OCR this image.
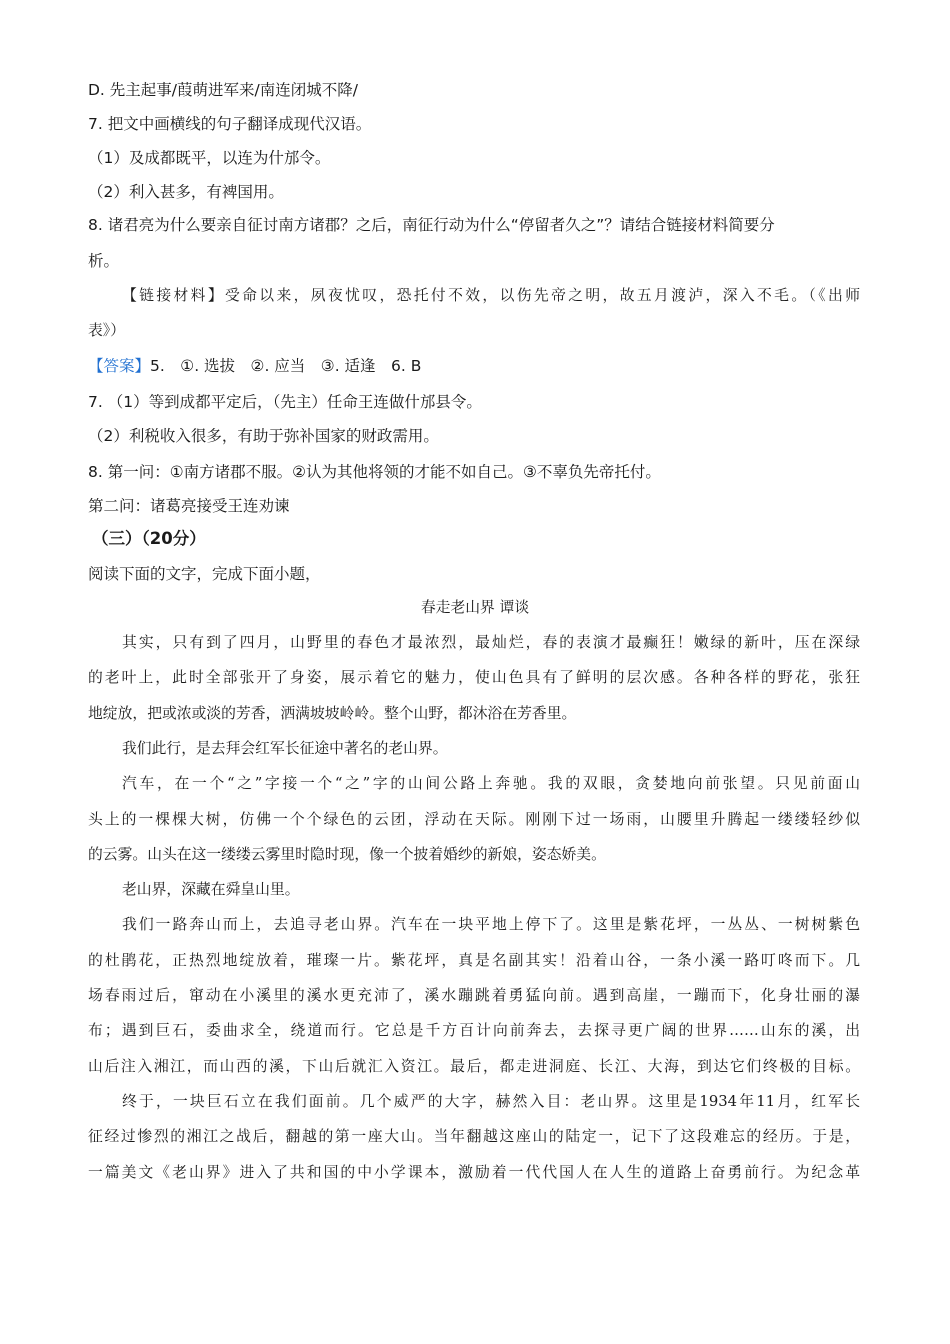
D. 先主起事/葭萌进军来/南连闭城不降/
7. 把文中画横线的句子翻译成现代汉语。
（1）及成都既平，以连为什邡令。
（2）利入甚多，有裨国用。
8. 诸君亮为什么要亲自征讨南方诸郡？之后，南征行动为什么“停留者久之”？请结合链接材料简要分
析。
【链接材料】受命以来，夙夜忧叹，恐托付不效，以伤先帝之明，故五月渡泸，深入不毛。（《出师
表》）
【答案】5.　①. 选拔　②. 应当　③. 适逢　6. B
7. （1）等到成都平定后，（先主）任命王连做什邡县令。
（2）利税收入很多，有助于弥补国家的财政需用。
8. 第一问：①南方诸郡不服。②认为其他将领的才能不如自己。③不辜负先帝托付。
第二问：诸葛亮接受王连劝谏
（三）（20分）
阅读下面的文字，完成下面小题，
春走老山界 谭谈
其实，只有到了四月，山野里的春色才最浓烈，最灿烂，春的表演才最癫狂！嫩绿的新叶，压在深绿
的老叶上，此时全部张开了身姿，展示着它的魅力，使山色具有了鲜明的层次感。各种各样的野花，张狂
地绽放，把或浓或淡的芳香，洒满坡坡岭岭。整个山野，都沐浴在芳香里。
我们此行，是去拜会红军长征途中著名的老山界。
汽车，在一个“之”字接一个“之”字的山间公路上奔驰。我的双眼，贪婪地向前张望。只见前面山
头上的一棵棵大树，仿佛一个个绿色的云团，浮动在天际。刚刚下过一场雨，山腰里升腾起一缕缕轻纱似
的云雾。山头在这一缕缕云雾里时隐时现，像一个披着婚纱的新娘，姿态娇美。
老山界，深藏在舜皇山里。
我们一路奔山而上，去追寻老山界。汽车在一块平地上停下了。这里是紫花坪，一丛丛、一树树紫色
的杜鹃花，正热烈地绽放着，璀璨一片。紫花坪，真是名副其实！沿着山谷，一条小溪一路叮咚而下。几
场春雨过后，窜动在小溪里的溪水更充沛了，溪水蹦跳着勇猛向前。遇到高崖，一蹦而下，化身壮丽的瀑
布；遇到巨石，委曲求全，绕道而行。它总是千方百计向前奔去，去探寻更广阔的世界……山东的溪，出
山后注入湘江，而山西的溪，下山后就汇入资江。最后，都走进洞庭、长江、大海，到达它们终极的目标。
终于，一块巨石立在我们面前。几个威严的大字，赫然入目：老山界。这里是1934年11月，红军长
征经过惨烈的湘江之战后，翻越的第一座大山。当年翻越这座山的陆定一，记下了这段难忘的经历。于是，
一篇美文《老山界》进入了共和国的中小学课本，激励着一代代国人在人生的道路上奋勇前行。为纪念革
